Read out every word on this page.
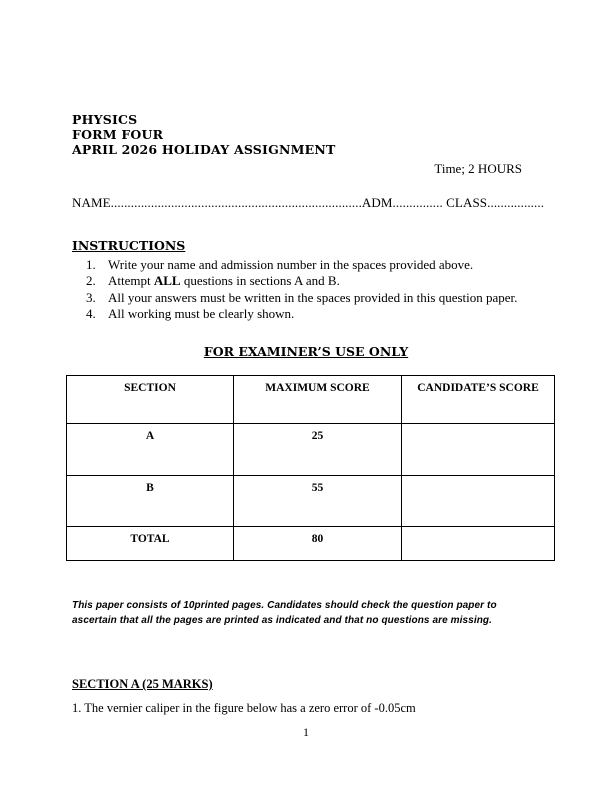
PHYSICS
FORM FOUR
APRIL 2026 HOLIDAY ASSIGNMENT
Time; 2 HOURS
NAME...........................................................................ADM............... CLASS.................
INSTRUCTIONS
1. Write your name and admission number in the spaces provided above.
2. Attempt ALL questions in sections A and B.
3. All your answers must be written in the spaces provided in this question paper.
4. All working must be clearly shown.
FOR EXAMINER’S USE ONLY
SECTION	MAXIMUM SCORE	CANDIDATE’S SCORE
A	25	
B	55	
TOTAL	80	
This paper consists of 10printed pages. Candidates should check the question paper to ascertain that all the pages are printed as indicated and that no questions are missing.
SECTION A (25 MARKS)
1. The vernier caliper in the figure below has a zero error of -0.05cm
1
